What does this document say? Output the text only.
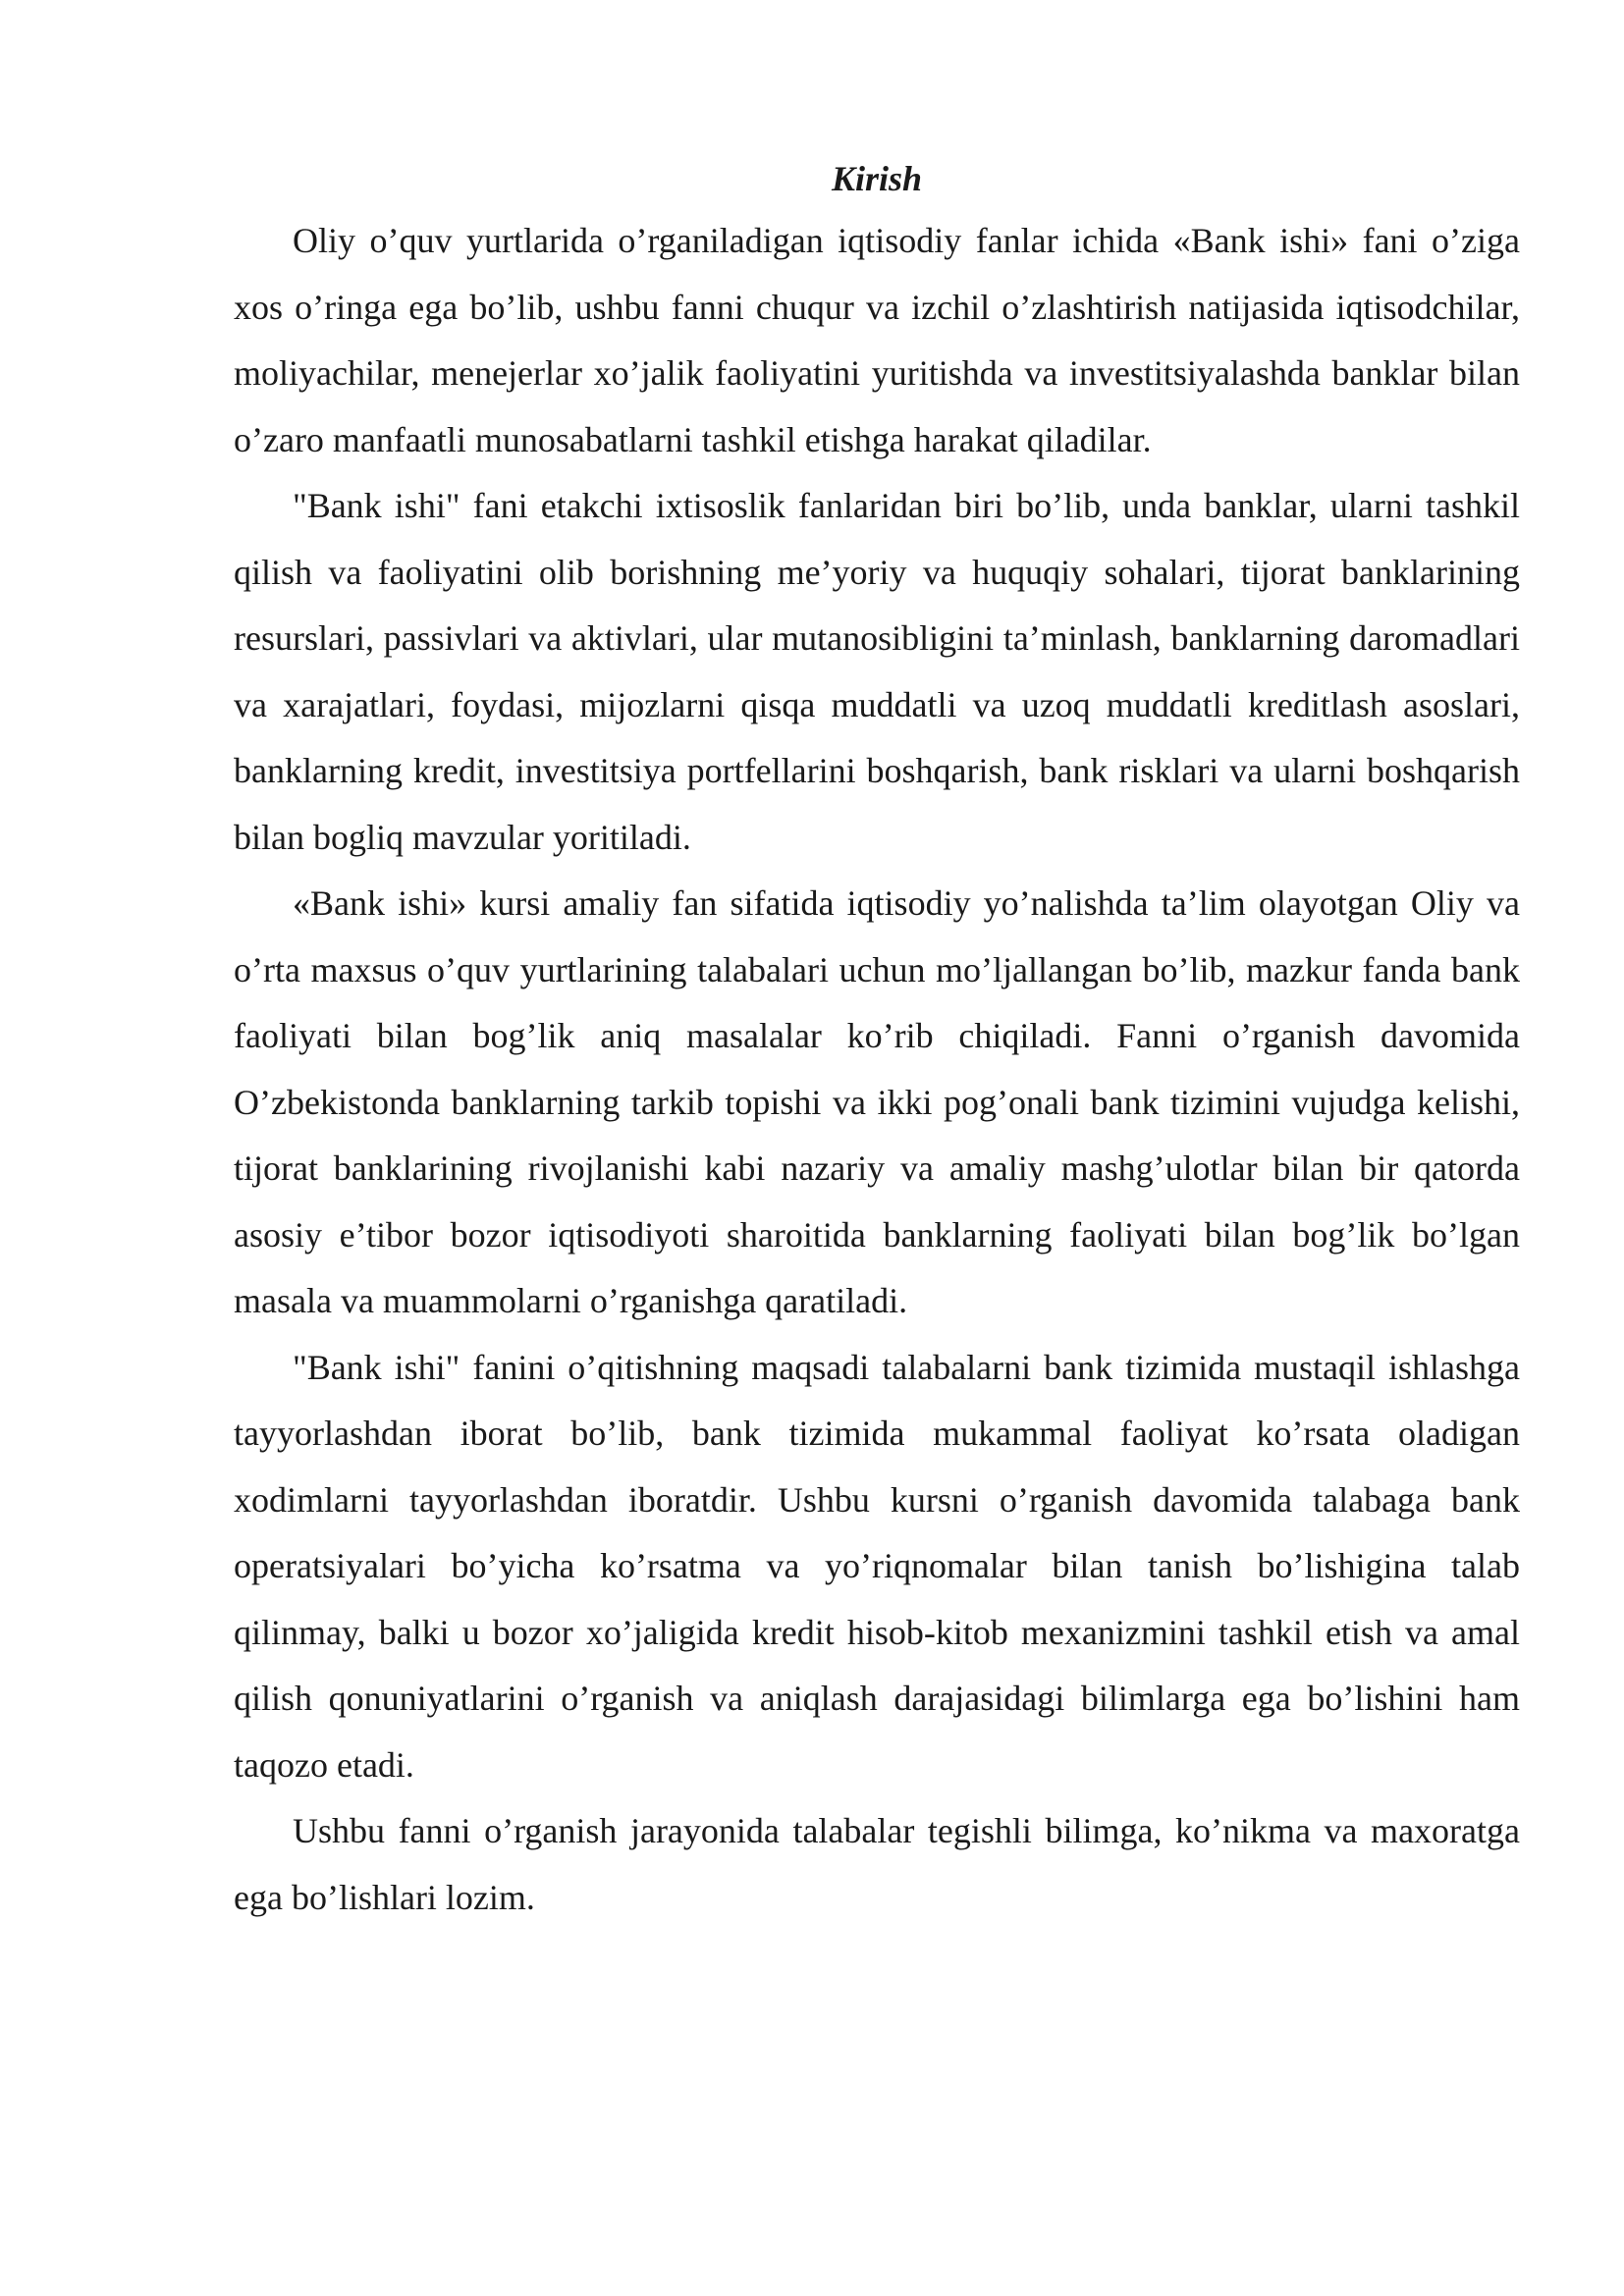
Kirish

Oliy o’quv yurtlarida o’rganiladigan iqtisodiy fanlar ichida «Bank ishi» fani o’ziga xos o’ringa ega bo’lib, ushbu fanni chuqur va izchil o’zlashtirish natijasida iqtisodchilar, moliyachilar, menejerlar xo’jalik faoliyatini yuritishda va investitsiyalashda banklar bilan o’zaro manfaatli munosabatlarni tashkil etishga harakat qiladilar.

"Bank ishi" fani etakchi ixtisoslik fanlaridan biri bo’lib, unda banklar, ularni tashkil qilish va faoliyatini olib borishning me’yoriy va huquqiy sohalari, tijorat banklarining resurslari, passivlari va aktivlari, ular mutanosibligini ta’minlash, banklarning daromadlari va xarajatlari, foydasi, mijozlarni qisqa muddatli va uzoq muddatli kreditlash asoslari, banklarning kredit, investitsiya portfellarini boshqarish, bank risklari va ularni boshqarish bilan bogliq mavzular yoritiladi.

«Bank ishi» kursi amaliy fan sifatida iqtisodiy yo’nalishda ta’lim olayotgan Oliy va o’rta maxsus o’quv yurtlarining talabalari uchun mo’ljallangan bo’lib, mazkur fanda bank faoliyati bilan bog’lik aniq masalalar ko’rib chiqiladi. Fanni o’rganish davomida O’zbekistonda banklarning tarkib topishi va ikki pog’onali bank tizimini vujudga kelishi, tijorat banklarining rivojlanishi kabi nazariy va amaliy mashg’ulotlar bilan bir qatorda asosiy e’tibor bozor iqtisodiyoti sharoitida banklarning faoliyati bilan bog’lik bo’lgan masala va muammolarni o’rganishga qaratiladi.

"Bank ishi" fanini o’qitishning maqsadi talabalarni bank tizimida mustaqil ishlashga tayyorlashdan iborat bo’lib, bank tizimida mukammal faoliyat ko’rsata oladigan xodimlarni tayyorlashdan iboratdir. Ushbu kursni o’rganish davomida talabaga bank operatsiyalari bo’yicha ko’rsatma va yo’riqnomalar bilan tanish bo’lishigina talab qilinmay, balki u bozor xo’jaligida kredit hisob-kitob mexanizmini tashkil etish va amal qilish qonuniyatlarini o’rganish va aniqlash darajasidagi bilimlarga ega bo’lishini ham taqozo etadi.

Ushbu fanni o’rganish jarayonida talabalar tegishli bilimga, ko’nikma va maxoratga ega bo’lishlari lozim.
